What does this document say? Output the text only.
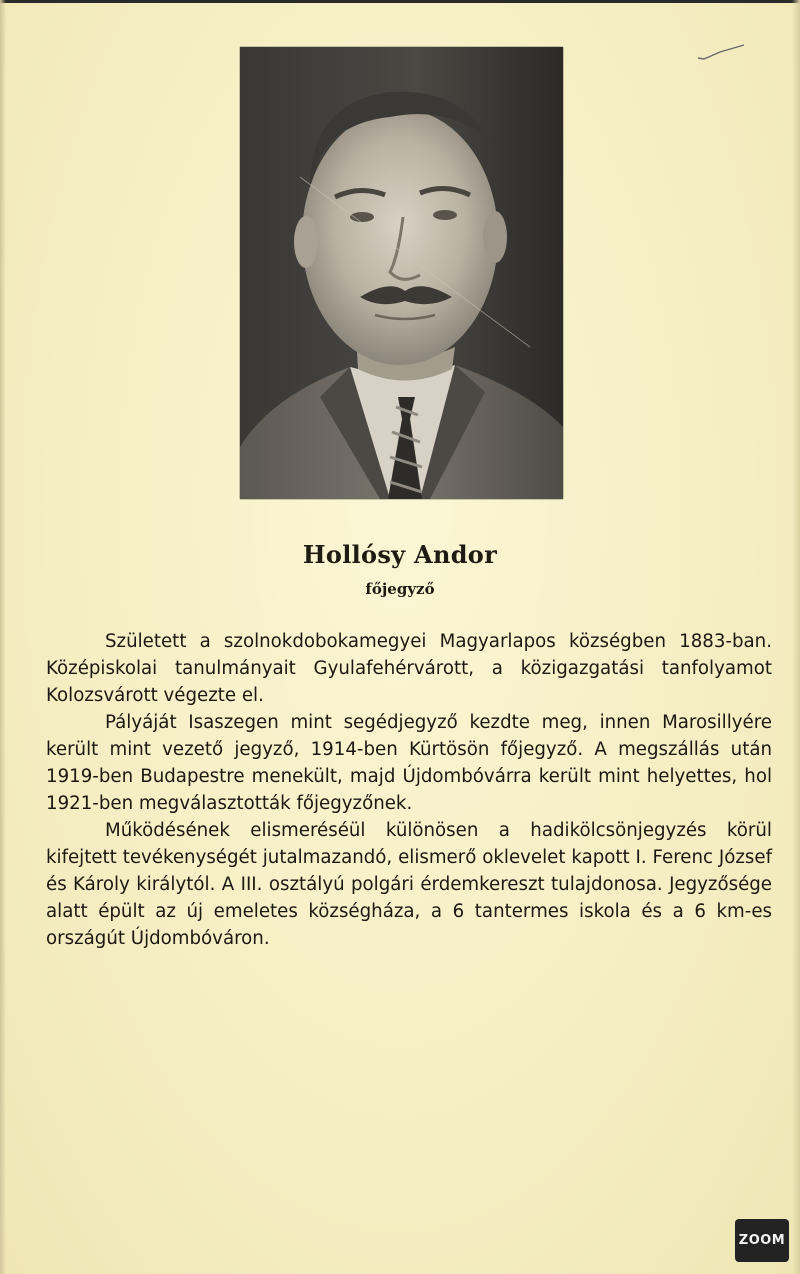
Hollósy Andor
főjegyző

Született a szolnokdobokamegyei Magyarlapos községben 1883-ban. Középiskolai tanulmányait Gyulafehérvárott, a közigazgatási tanfolyamot Kolozsvárott végezte el.

Pályáját Isaszegen mint segédjegyző kezdte meg, innen Marosillyére került mint vezető jegyző, 1914-ben Kürtösön főjegyző. A megszállás után 1919-ben Budapestre menekült, majd Újdombóvárra került mint helyettes, hol 1921-ben megválasztották főjegyzőnek.

Működésének elismeréséül különösen a hadikölcsönjegyzés körül kifejtett tevékenységét jutalmazandó, elismerő oklevelet kapott I. Ferenc József és Károly királytól. A III. osztályú polgári érdemkereszt tulajdonosa. Jegyzősége alatt épült az új emeletes községháza, a 6 tantermes iskola és a 6 km-es országút Újdombóváron.

ZOOM
